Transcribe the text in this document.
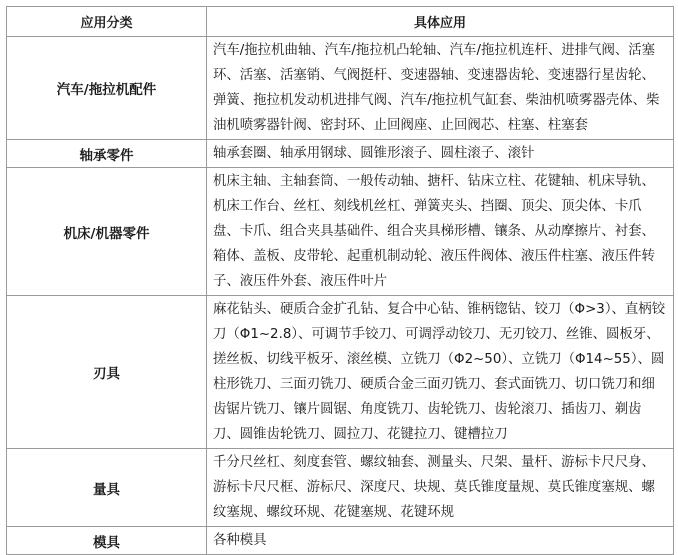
应用分类	具体应用
汽车/拖拉机配件	汽车/拖拉机曲轴、汽车/拖拉机凸轮轴、汽车/拖拉机连杆、进排气阀、活塞环、活塞、活塞销、气阀挺杆、变速器轴、变速器齿轮、变速器行星齿轮、弹簧、拖拉机发动机进排气阀、汽车/拖拉机气缸套、柴油机喷雾器壳体、柴油机喷雾器针阀、密封环、止回阀座、止回阀芯、柱塞、柱塞套
轴承零件	轴承套圈、轴承用钢球、圆锥形滚子、圆柱滚子、滚针
机床/机器零件	机床主轴、主轴套筒、一般传动轴、搪杆、钻床立柱、花键轴、机床导轨、机床工作台、丝杠、刻线机丝杠、弹簧夹头、挡圈、顶尖、顶尖体、卡爪盘、卡爪、组合夹具基础件、组合夹具梯形槽、镶条、从动摩擦片、衬套、箱体、盖板、皮带轮、起重机制动轮、液压件阀体、液压件柱塞、液压件转子、液压件外套、液压件叶片
刃具	麻花钻头、硬质合金扩孔钻、复合中心钻、锥柄锪钻、铰刀（Φ>3）、直柄铰刀（Φ1~2.8）、可调节手铰刀、可调浮动铰刀、无刃铰刀、丝锥、圆板牙、搓丝板、切线平板牙、滚丝模、立铣刀（Φ2~50）、立铣刀（Φ14~55）、圆柱形铣刀、三面刃铣刀、硬质合金三面刃铣刀、套式面铣刀、切口铣刀和细齿锯片铣刀、镶片圆锯、角度铣刀、齿轮铣刀、齿轮滚刀、插齿刀、剃齿刀、圆锥齿轮铣刀、圆拉刀、花键拉刀、键槽拉刀
量具	千分尺丝杠、刻度套管、螺纹轴套、测量头、尺架、量杆、游标卡尺尺身、游标卡尺尺框、游标尺、深度尺、块规、莫氏锥度量规、莫氏锥度塞规、螺纹塞规、螺纹环规、花键塞规、花键环规
模具	各种模具
